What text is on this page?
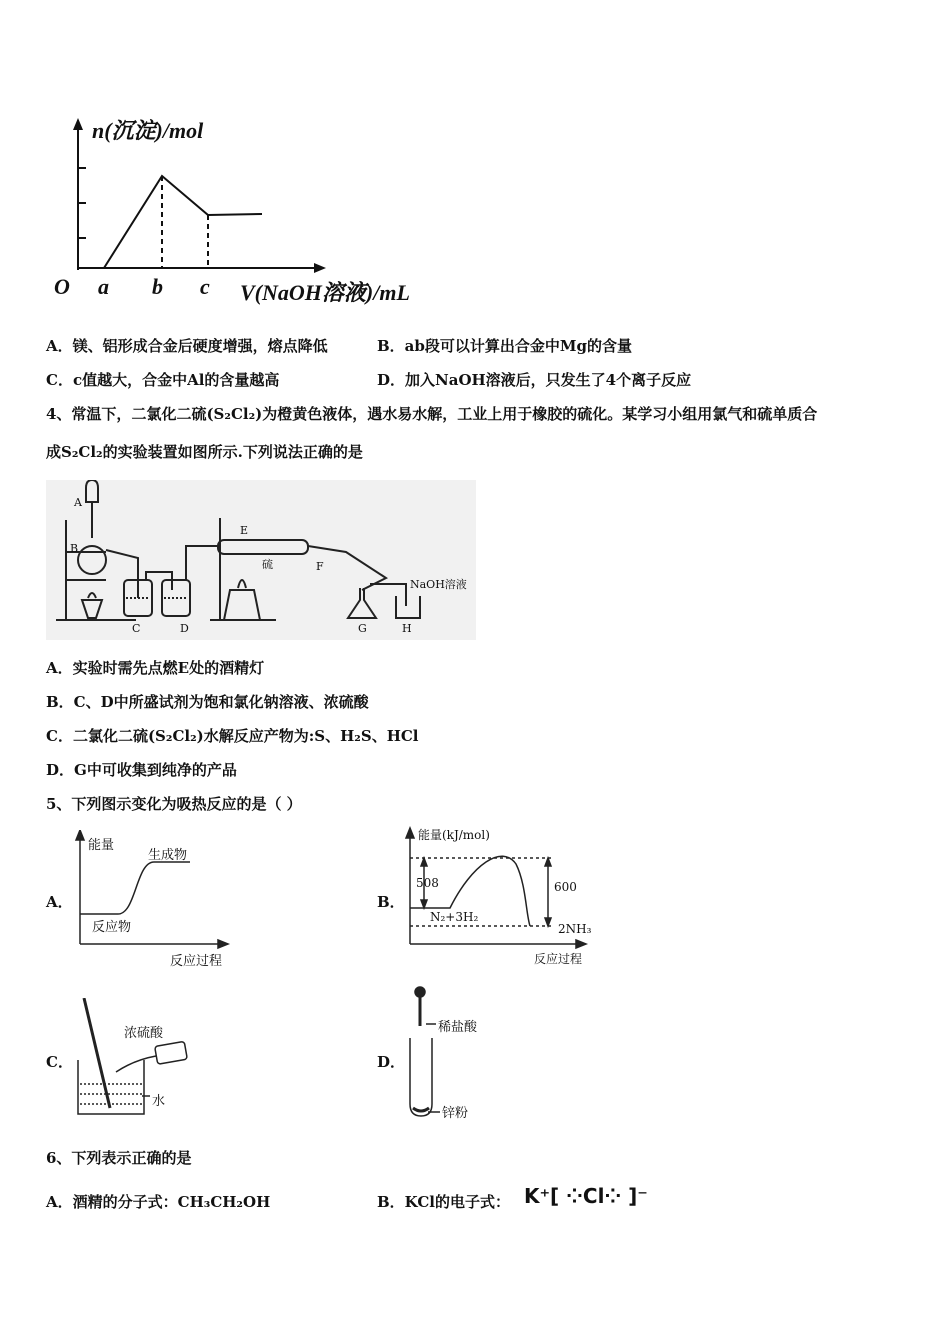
n(沉淀)/mol
O a b c V(NaOH溶液)/mL
A．镁、铝形成合金后硬度增强，熔点降低	B．ab段可以计算出合金中Mg的含量
C．c值越大，合金中Al的含量越高	D．加入NaOH溶液后，只发生了4个离子反应
4、常温下，二氯化二硫(S₂Cl₂)为橙黄色液体，遇水易水解，工业上用于橡胶的硫化。某学习小组用氯气和硫单质合
成S₂Cl₂的实验装置如图所示.下列说法正确的是
A
B
C	D
E
硫	F
G	H
NaOH溶液
A．实验时需先点燃E处的酒精灯
B．C、D中所盛试剂为饱和氯化钠溶液、浓硫酸
C．二氯化二硫(S₂Cl₂)水解反应产物为:S、H₂S、HCl
D．G中可收集到纯净的产品
5、下列图示变化为吸热反应的是（ ）
A．
能量
生成物
反应物
反应过程
B．
能量(kJ/mol)
508	600
N₂+3H₂
2NH₃
反应过程
C．
浓硫酸
水
D．
稀盐酸
锌粉
6、下列表示正确的是
A．酒精的分子式：CH₃CH₂OH	B．KCl的电子式： K⁺[ ⁘Cl⁘ ]⁻
